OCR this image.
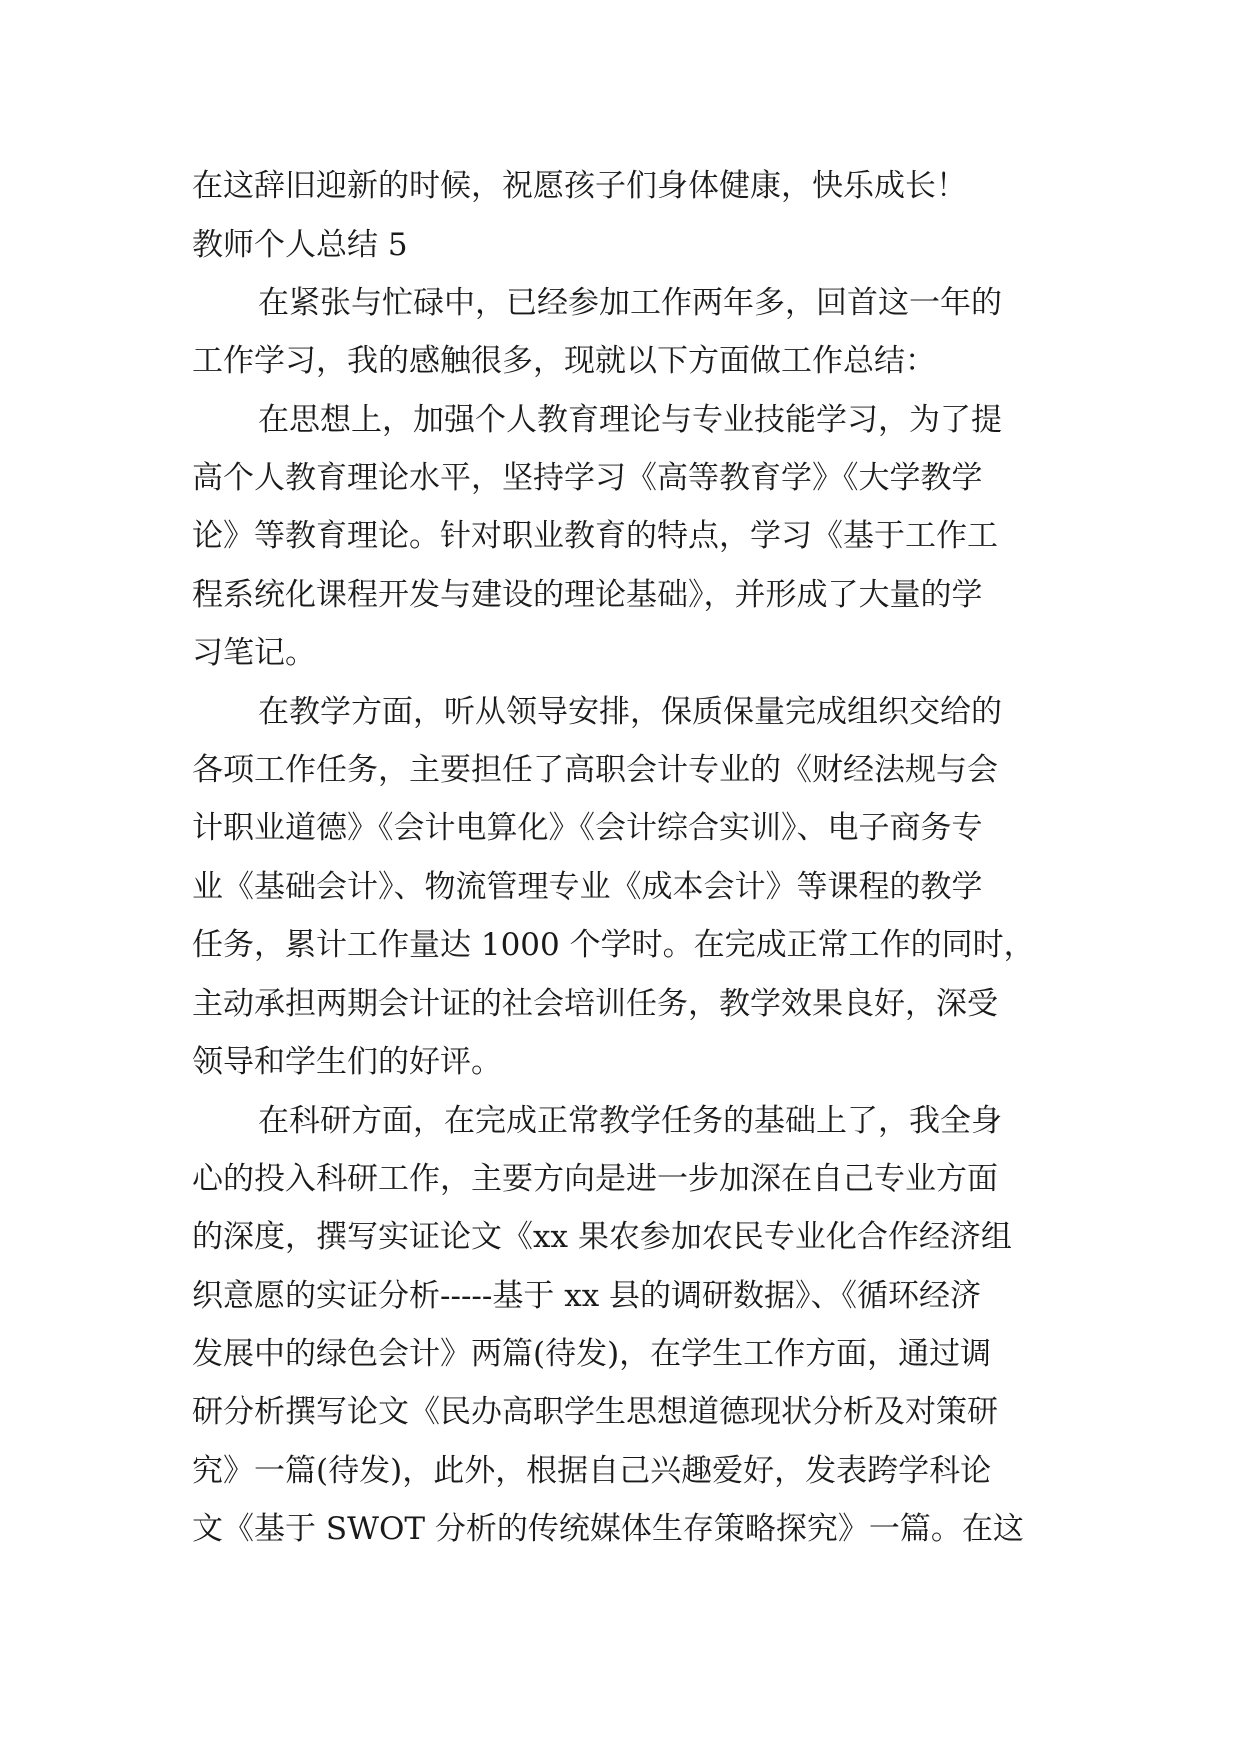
在这辞旧迎新的时候，祝愿孩子们身体健康，快乐成长！

教师个人总结 5

在紧张与忙碌中，已经参加工作两年多，回首这一年的

工作学习，我的感触很多，现就以下方面做工作总结：

在思想上，加强个人教育理论与专业技能学习，为了提

高个人教育理论水平，坚持学习《高等教育学》《大学教学

论》等教育理论。针对职业教育的特点，学习《基于工作工

程系统化课程开发与建设的理论基础》，并形成了大量的学

习笔记。

在教学方面，听从领导安排，保质保量完成组织交给的

各项工作任务，主要担任了高职会计专业的《财经法规与会

计职业道德》《会计电算化》《会计综合实训》、电子商务专

业《基础会计》、物流管理专业《成本会计》等课程的教学

任务，累计工作量达 1000 个学时。在完成正常工作的同时，

主动承担两期会计证的社会培训任务，教学效果良好，深受

领导和学生们的好评。

在科研方面，在完成正常教学任务的基础上了，我全身

心的投入科研工作，主要方向是进一步加深在自己专业方面

的深度，撰写实证论文《xx 果农参加农民专业化合作经济组

织意愿的实证分析-----基于 xx 县的调研数据》、《循环经济

发展中的绿色会计》两篇(待发)，在学生工作方面，通过调

研分析撰写论文《民办高职学生思想道德现状分析及对策研

究》一篇(待发)，此外，根据自己兴趣爱好，发表跨学科论

文《基于 SWOT 分析的传统媒体生存策略探究》一篇。在这
